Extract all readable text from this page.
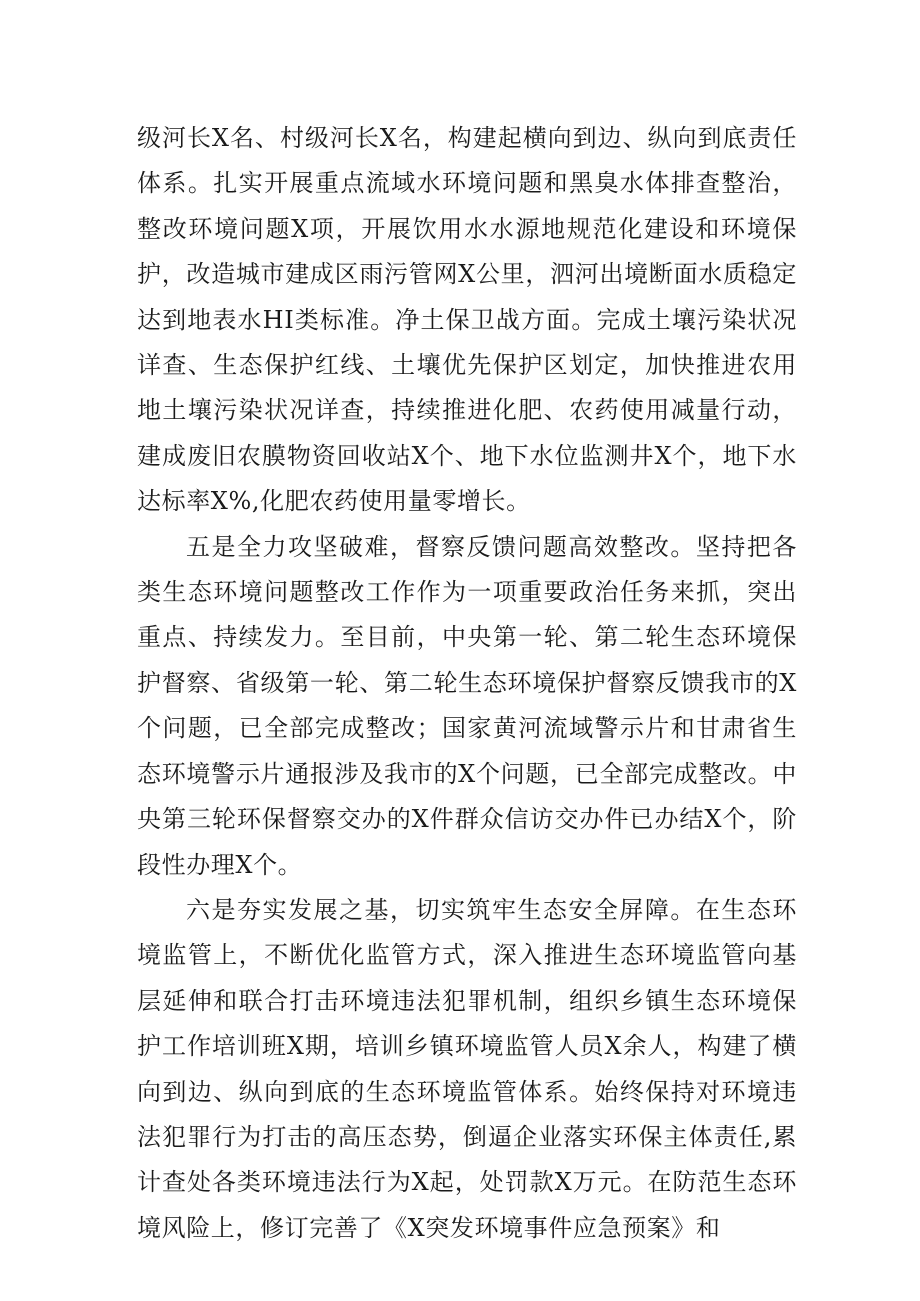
级河长X名、村级河长X名，构建起横向到边、纵向到底责任体系。扎实开展重点流域水环境问题和黑臭水体排查整治，整改环境问题X项，开展饮用水水源地规范化建设和环境保护，改造城市建成区雨污管网X公里，泗河出境断面水质稳定达到地表水HI类标准。净土保卫战方面。完成土壤污染状况详查、生态保护红线、土壤优先保护区划定，加快推进农用地土壤污染状况详查，持续推进化肥、农药使用减量行动，建成废旧农膜物资回收站X个、地下水位监测井X个，地下水达标率X%,化肥农药使用量零增长。

五是全力攻坚破难，督察反馈问题高效整改。坚持把各类生态环境问题整改工作作为一项重要政治任务来抓，突出重点、持续发力。至目前，中央第一轮、第二轮生态环境保护督察、省级第一轮、第二轮生态环境保护督察反馈我市的X个问题，已全部完成整改；国家黄河流域警示片和甘肃省生态环境警示片通报涉及我市的X个问题，已全部完成整改。中央第三轮环保督察交办的X件群众信访交办件已办结X个，阶段性办理X个。

六是夯实发展之基，切实筑牢生态安全屏障。在生态环境监管上，不断优化监管方式，深入推进生态环境监管向基层延伸和联合打击环境违法犯罪机制，组织乡镇生态环境保护工作培训班X期，培训乡镇环境监管人员X余人，构建了横向到边、纵向到底的生态环境监管体系。始终保持对环境违法犯罪行为打击的高压态势，倒逼企业落实环保主体责任,累计查处各类环境违法行为X起，处罚款X万元。在防范生态环境风险上，修订完善了《X突发环境事件应急预案》和
